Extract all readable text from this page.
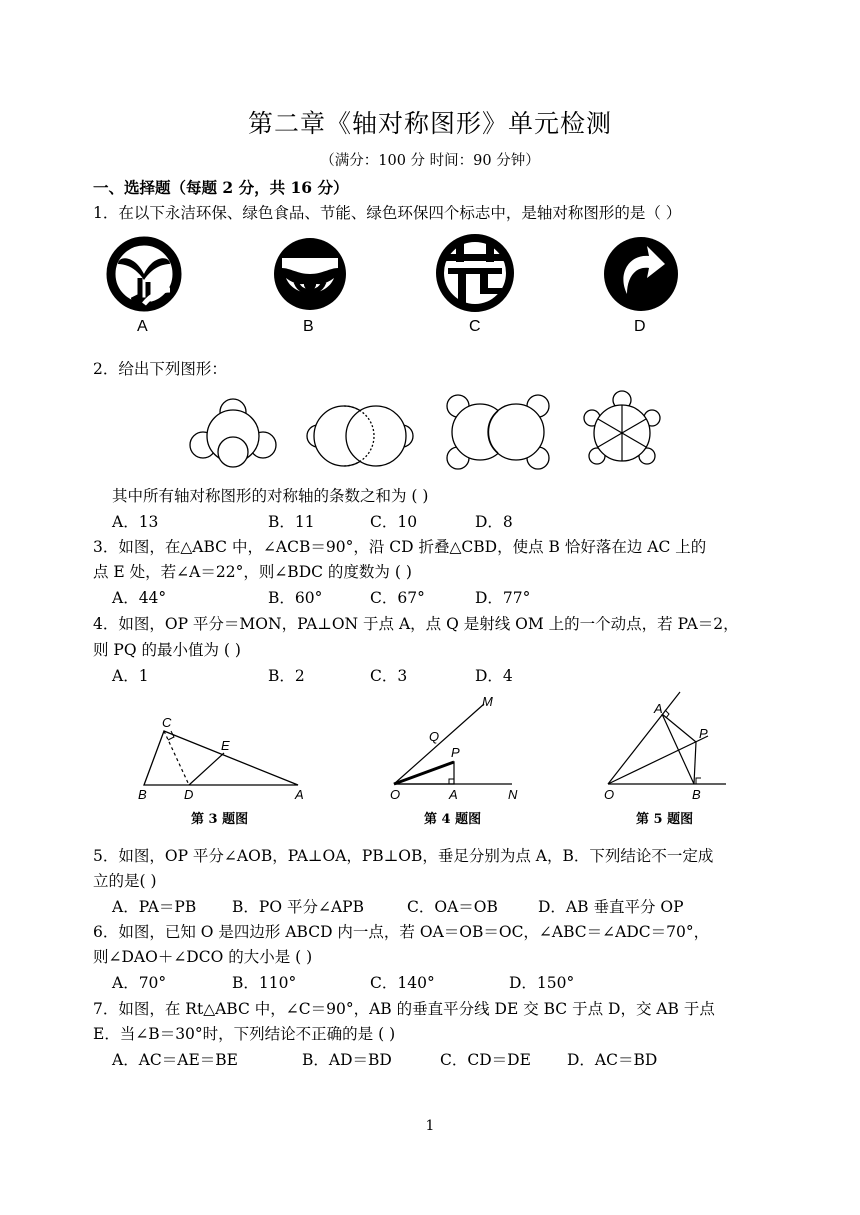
第二章《轴对称图形》单元检测
（满分：100 分 时间：90 分钟）
一、选择题（每题 2 分，共 16 分）
1．在以下永洁环保、绿色食品、节能、绿色环保四个标志中，是轴对称图形的是（ ）
A	B	C	D
2．给出下列图形：
其中所有轴对称图形的对称轴的条数之和为 ( )
A．13	B．11	C．10	D．8
3．如图，在△ABC 中，∠ACB＝90°，沿 CD 折叠△CBD，使点 B 恰好落在边 AC 上的
点 E 处，若∠A＝22°，则∠BDC 的度数为 ( )
A．44°	B．60°	C．67°	D．77°
4．如图，OP 平分＝MON，PA⊥ON 于点 A，点 Q 是射线 OM 上的一个动点，若 PA＝2，
则 PQ 的最小值为 ( )
A．1	B．2	C．3	D．4
C
E
B	D	A
第 3 题图
M
Q
P
O	A	N
第 4 题图
A
P
O	B
第 5 题图
5．如图，OP 平分∠AOB，PA⊥OA，PB⊥OB，垂足分别为点 A，B．下列结论不一定成
立的是( )
A．PA＝PB B．PO 平分∠APB	C．OA＝OB	D．AB 垂直平分 OP
6．如图，已知 O 是四边形 ABCD 内一点，若 OA＝OB＝OC，∠ABC＝∠ADC＝70°，
则∠DAO＋∠DCO 的大小是 ( )
A．70°	B．110°	C．140°	D．150°
7．如图，在 Rt△ABC 中，∠C＝90°，AB 的垂直平分线 DE 交 BC 于点 D，交 AB 于点
E．当∠B＝30°时，下列结论不正确的是 ( )
A．AC＝AE＝BE	B．AD＝BD	C．CD＝DE D．AC＝BD
1
